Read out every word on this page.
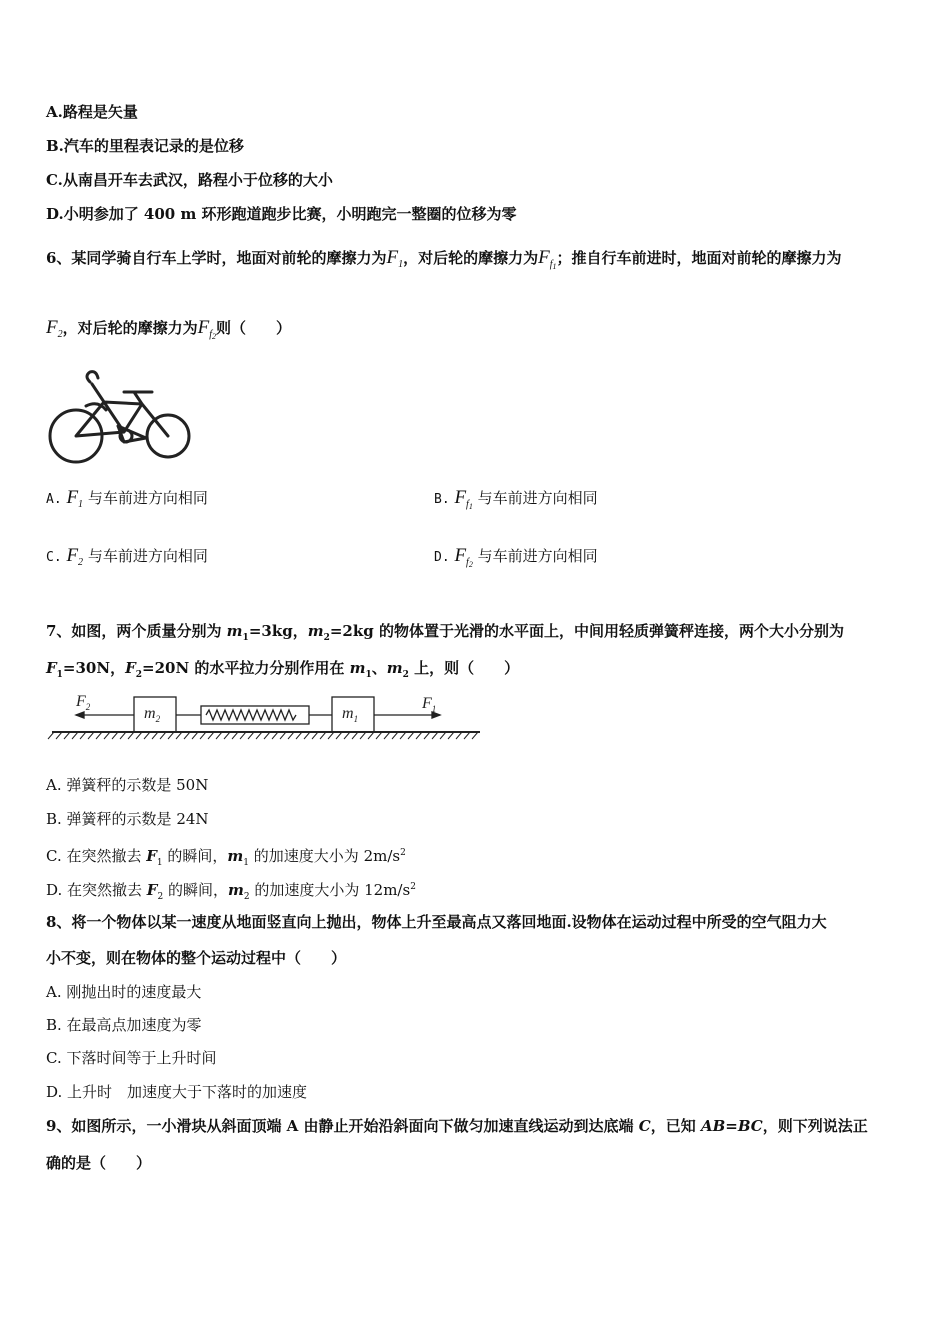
A.路程是矢量
B.汽车的里程表记录的是位移
C.从南昌开车去武汉，路程小于位移的大小
D.小明参加了 400 m 环形跑道跑步比赛，小明跑完一整圈的位移为零
6、某同学骑自行车上学时，地面对前轮的摩擦力为$F_1$，对后轮的摩擦力为$F_{f1}$；推自行车前进时，地面对前轮的摩擦力为
$F_2$，对后轮的摩擦力为$F_{f2}$则（　　）
A. $F_1$ 与车前进方向相同	B. $F_{f1}$ 与车前进方向相同
C. $F_2$ 与车前进方向相同	D. $F_{f2}$ 与车前进方向相同
7、如图，两个质量分别为 $m_1=3kg$，$m_2=2kg$ 的物体置于光滑的水平面上，中间用轻质弹簧秤连接，两个大小分别为
$F_1=30N$，$F_2=20N$ 的水平拉力分别作用在 $m_1$、$m_2$ 上，则（　　）
$F_2$	$F_1$
$m_2$	$m_1$
A. 弹簧秤的示数是 50N
B. 弹簧秤的示数是 24N
C. 在突然撤去 $F_1$ 的瞬间，$m_1$ 的加速度大小为 $2m/s^2$
D. 在突然撤去 $F_2$ 的瞬间，$m_2$ 的加速度大小为 $12m/s^2$
8、将一个物体以某一速度从地面竖直向上抛出，物体上升至最高点又落回地面.设物体在运动过程中所受的空气阻力大
小不变，则在物体的整个运动过程中（　　）
A. 刚抛出时的速度最大
B. 在最高点加速度为零
C. 下落时间等于上升时间
D. 上升时　加速度大于下落时的加速度
9、如图所示，一小滑块从斜面顶端 A 由静止开始沿斜面向下做匀加速直线运动到达底端 C，已知 AB=BC，则下列说法正
确的是（　　）
